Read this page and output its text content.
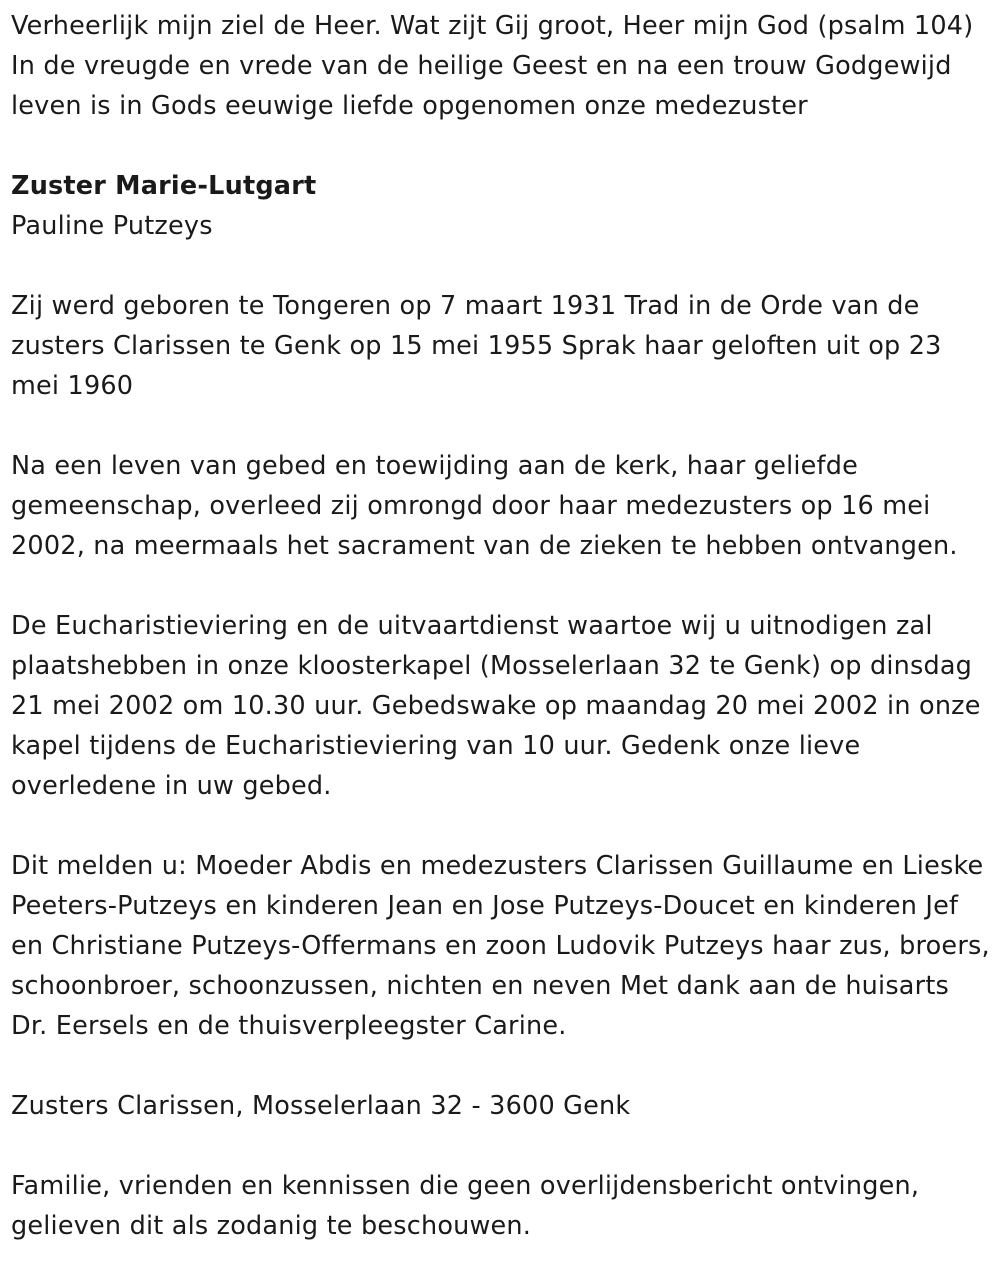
Verheerlijk mijn ziel de Heer. Wat zijt Gij groot, Heer mijn God (psalm 104) In de vreugde en vrede van de heilige Geest en na een trouw Godgewijd leven is in Gods eeuwige liefde opgenomen onze medezuster

Zuster Marie-Lutgart

Pauline Putzeys

Zij werd geboren te Tongeren op 7 maart 1931 Trad in de Orde van de zusters Clarissen te Genk op 15 mei 1955 Sprak haar geloften uit op 23 mei 1960

Na een leven van gebed en toewijding aan de kerk, haar geliefde gemeenschap, overleed zij omrongd door haar medezusters op 16 mei 2002, na meermaals het sacrament van de zieken te hebben ontvangen.

De Eucharistieviering en de uitvaartdienst waartoe wij u uitnodigen zal plaatshebben in onze kloosterkapel (Mosselerlaan 32 te Genk) op dinsdag 21 mei 2002 om 10.30 uur. Gebedswake op maandag 20 mei 2002 in onze kapel tijdens de Eucharistieviering van 10 uur. Gedenk onze lieve overledene in uw gebed.

Dit melden u: Moeder Abdis en medezusters Clarissen Guillaume en Lieske Peeters-Putzeys en kinderen Jean en Jose Putzeys-Doucet en kinderen Jef en Christiane Putzeys-Offermans en zoon Ludovik Putzeys haar zus, broers, schoonbroer, schoonzussen, nichten en neven Met dank aan de huisarts Dr. Eersels en de thuisverpleegster Carine.

Zusters Clarissen, Mosselerlaan 32 - 3600 Genk

Familie, vrienden en kennissen die geen overlijdensbericht ontvingen, gelieven dit als zodanig te beschouwen.
